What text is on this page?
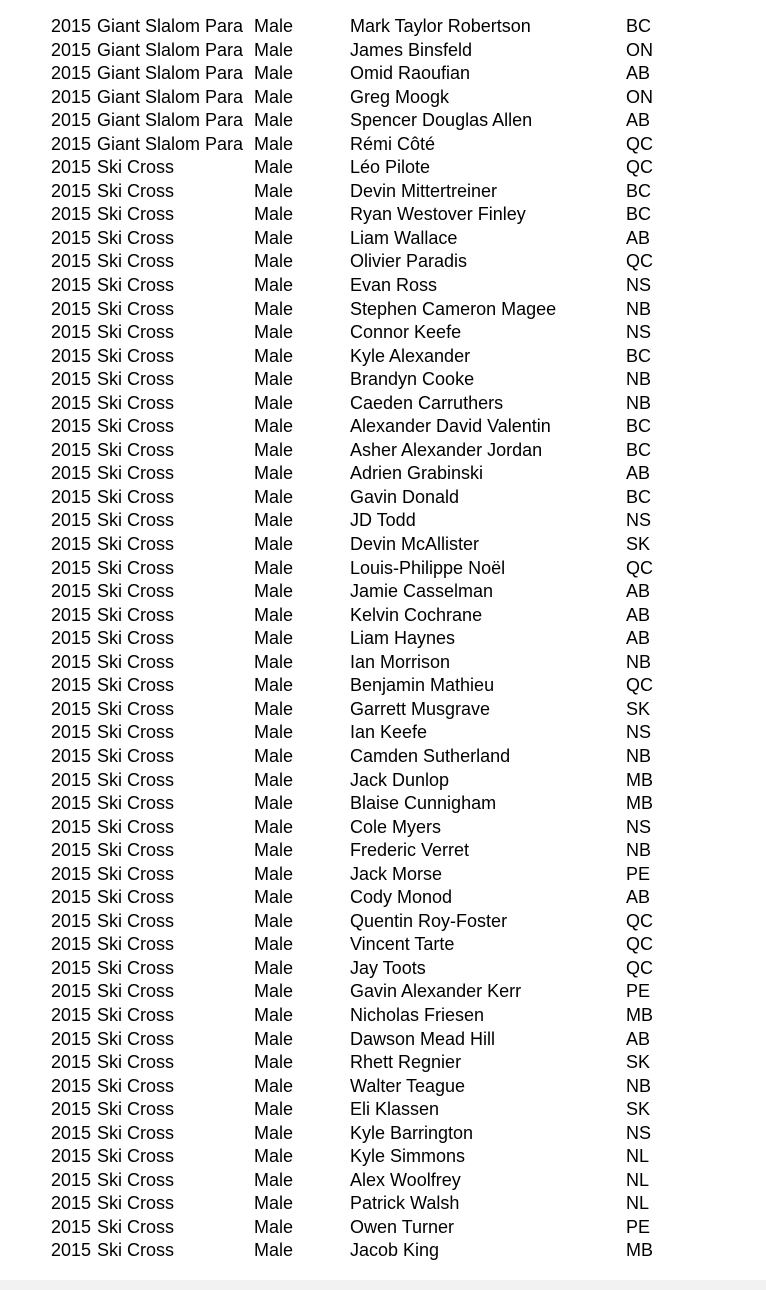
2015 Giant Slalom Para Male	Mark Taylor Robertson	BC
2015 Giant Slalom Para Male	James Binsfeld	ON
2015 Giant Slalom Para Male	Omid Raoufian	AB
2015 Giant Slalom Para Male	Greg Moogk	ON
2015 Giant Slalom Para Male	Spencer Douglas Allen	AB
2015 Giant Slalom Para Male	Rémi Côté	QC
2015 Ski Cross	Male	Léo Pilote	QC
2015 Ski Cross	Male	Devin Mittertreiner	BC
2015 Ski Cross	Male	Ryan Westover Finley	BC
2015 Ski Cross	Male	Liam Wallace	AB
2015 Ski Cross	Male	Olivier Paradis	QC
2015 Ski Cross	Male	Evan Ross	NS
2015 Ski Cross	Male	Stephen Cameron Magee	NB
2015 Ski Cross	Male	Connor Keefe	NS
2015 Ski Cross	Male	Kyle Alexander	BC
2015 Ski Cross	Male	Brandyn Cooke	NB
2015 Ski Cross	Male	Caeden Carruthers	NB
2015 Ski Cross	Male	Alexander David Valentin	BC
2015 Ski Cross	Male	Asher Alexander Jordan	BC
2015 Ski Cross	Male	Adrien Grabinski	AB
2015 Ski Cross	Male	Gavin Donald	BC
2015 Ski Cross	Male	JD Todd	NS
2015 Ski Cross	Male	Devin McAllister	SK
2015 Ski Cross	Male	Louis-Philippe Noël	QC
2015 Ski Cross	Male	Jamie Casselman	AB
2015 Ski Cross	Male	Kelvin Cochrane	AB
2015 Ski Cross	Male	Liam Haynes	AB
2015 Ski Cross	Male	Ian Morrison	NB
2015 Ski Cross	Male	Benjamin Mathieu	QC
2015 Ski Cross	Male	Garrett Musgrave	SK
2015 Ski Cross	Male	Ian Keefe	NS
2015 Ski Cross	Male	Camden Sutherland	NB
2015 Ski Cross	Male	Jack Dunlop	MB
2015 Ski Cross	Male	Blaise Cunnigham	MB
2015 Ski Cross	Male	Cole Myers	NS
2015 Ski Cross	Male	Frederic Verret	NB
2015 Ski Cross	Male	Jack Morse	PE
2015 Ski Cross	Male	Cody Monod	AB
2015 Ski Cross	Male	Quentin Roy-Foster	QC
2015 Ski Cross	Male	Vincent Tarte	QC
2015 Ski Cross	Male	Jay Toots	QC
2015 Ski Cross	Male	Gavin Alexander Kerr	PE
2015 Ski Cross	Male	Nicholas Friesen	MB
2015 Ski Cross	Male	Dawson Mead Hill	AB
2015 Ski Cross	Male	Rhett Regnier	SK
2015 Ski Cross	Male	Walter Teague	NB
2015 Ski Cross	Male	Eli Klassen	SK
2015 Ski Cross	Male	Kyle Barrington	NS
2015 Ski Cross	Male	Kyle Simmons	NL
2015 Ski Cross	Male	Alex Woolfrey	NL
2015 Ski Cross	Male	Patrick Walsh	NL
2015 Ski Cross	Male	Owen Turner	PE
2015 Ski Cross	Male	Jacob King	MB
